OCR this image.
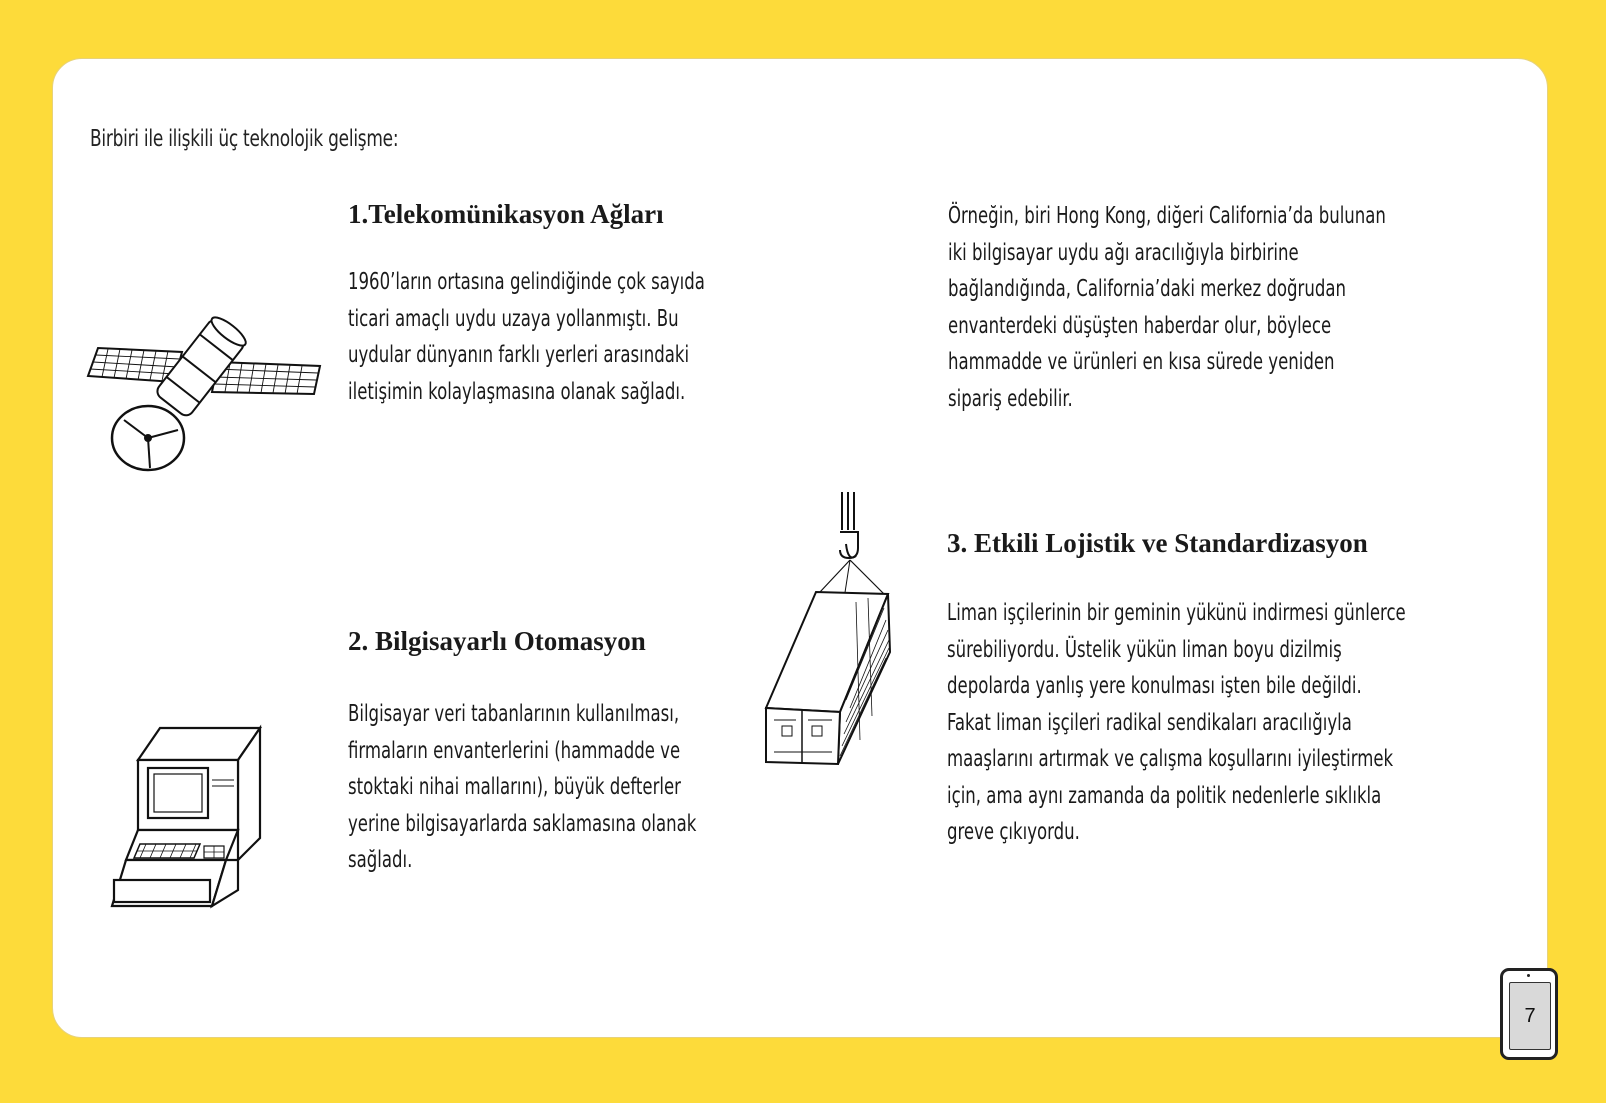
Birbiri ile ilişkili üç teknolojik gelişme:
1.Telekomünikasyon Ağları
1960’ların ortasına gelindiğinde çok sayıda
ticari amaçlı uydu uzaya yollanmıştı. Bu
uydular dünyanın farklı yerleri arasındaki
iletişimin kolaylaşmasına olanak sağladı.
Örneğin, biri Hong Kong, diğeri California’da bulunan
iki bilgisayar uydu ağı aracılığıyla birbirine
bağlandığında, California’daki merkez doğrudan
envanterdeki düşüşten haberdar olur, böylece
hammadde ve ürünleri en kısa sürede yeniden
sipariş edebilir.
2. Bilgisayarlı Otomasyon
Bilgisayar veri tabanlarının kullanılması,
firmaların envanterlerini (hammadde ve
stoktaki nihai mallarını), büyük defterler
yerine bilgisayarlarda saklamasına olanak
sağladı.
3. Etkili Lojistik ve Standardizasyon
Liman işçilerinin bir geminin yükünü indirmesi günlerce
sürebiliyordu. Üstelik yükün liman boyu dizilmiş
depolarda yanlış yere konulması işten bile değildi.
Fakat liman işçileri radikal sendikaları aracılığıyla
maaşlarını artırmak ve çalışma koşullarını iyileştirmek
için, ama aynı zamanda da politik nedenlerle sıklıkla
greve çıkıyordu.
7
